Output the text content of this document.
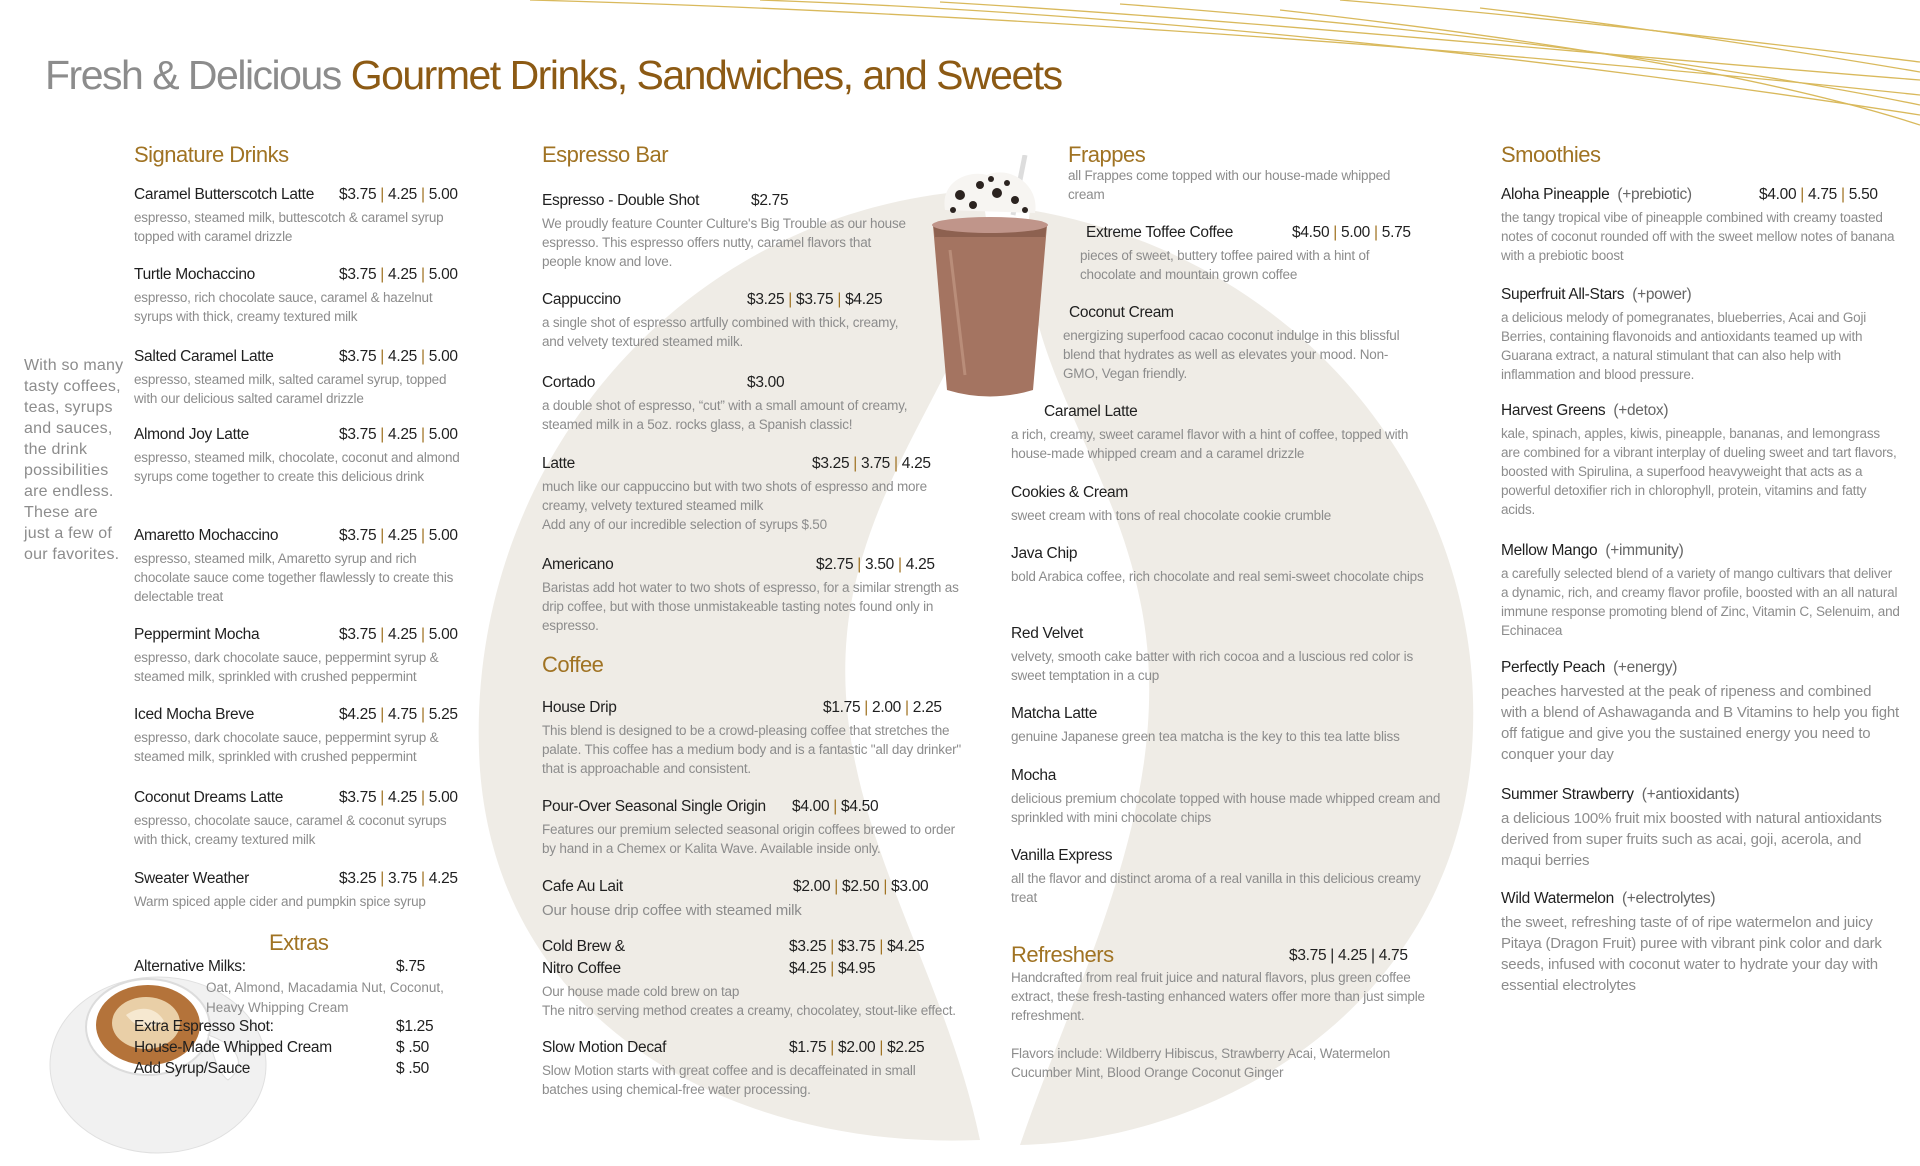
Fresh & Delicious Gourmet Drinks, Sandwiches, and Sweets
With so many tasty coffees, teas, syrups and sauces, the drink possibilities are endless. These are just a few of our favorites.
Signature Drinks
Caramel Butterscotch Latte $3.75 | 4.25 | 5.00
espresso, steamed milk, buttescotch & caramel syrup topped with caramel drizzle
Turtle Mochaccino	$3.75 | 4.25 | 5.00
espresso, rich chocolate sauce, caramel & hazelnut syrups with thick, creamy textured milk
Salted Caramel Latte	$3.75 | 4.25 | 5.00
espresso, steamed milk, salted caramel syrup, topped with our delicious salted caramel drizzle
Almond Joy Latte	$3.75 | 4.25 | 5.00
espresso, steamed milk, chocolate, coconut and almond syrups come together to create this delicious drink
Amaretto Mochaccino	$3.75 | 4.25 | 5.00
espresso, steamed milk, Amaretto syrup and rich chocolate sauce come together flawlessly to create this delectable treat
Peppermint Mocha	$3.75 | 4.25 | 5.00
espresso, dark chocolate sauce, peppermint syrup & steamed milk, sprinkled with crushed peppermint
Iced Mocha Breve	$4.25 | 4.75 | 5.25
espresso, dark chocolate sauce, peppermint syrup & steamed milk, sprinkled with crushed peppermint
Coconut Dreams Latte	$3.75 | 4.25 | 5.00
espresso, chocolate sauce, caramel & coconut syrups with thick, creamy textured milk
Sweater Weather	$3.25 | 3.75 | 4.25
Warm spiced apple cider and pumpkin spice syrup
Extras
Alternative Milks:	$.75
Oat, Almond, Macadamia Nut, Coconut, Heavy Whipping Cream
Extra Espresso Shot:	$1.25
House-Made Whipped Cream	$ .50
Add Syrup/Sauce	$ .50
Espresso Bar
Espresso - Double Shot	$2.75
We proudly feature Counter Culture's Big Trouble as our house espresso. This espresso offers nutty, caramel flavors that people know and love.
Cappuccino	$3.25 | $3.75 | $4.25
a single shot of espresso artfully combined with thick, creamy, and velvety textured steamed milk.
Cortado	$3.00
a double shot of espresso, “cut” with a small amount of creamy, steamed milk in a 5oz. rocks glass, a Spanish classic!
Latte	$3.25 | 3.75 | 4.25
much like our cappuccino but with two shots of espresso and more creamy, velvety textured steamed milk
Add any of our incredible selection of syrups $.50
Americano	$2.75 | 3.50 | 4.25
Baristas add hot water to two shots of espresso, for a similar strength as drip coffee, but with those unmistakeable tasting notes found only in espresso.
Coffee
House Drip	$1.75 | 2.00 | 2.25
This blend is designed to be a crowd-pleasing coffee that stretches the palate. This coffee has a medium body and is a fantastic "all day drinker" that is approachable and consistent.
Pour-Over Seasonal Single Origin $4.00 | $4.50
Features our premium selected seasonal origin coffees brewed to order by hand in a Chemex or Kalita Wave. Available inside only.
Cafe Au Lait	$2.00 | $2.50 | $3.00
Our house drip coffee with steamed milk
Cold Brew &	$3.25 | $3.75 | $4.25
Nitro Coffee	$4.25 | $4.95
Our house made cold brew on tap
The nitro serving method creates a creamy, chocolatey, stout-like effect.
Slow Motion Decaf	$1.75 | $2.00 | $2.25
Slow Motion starts with great coffee and is decaffeinated in small batches using chemical-free water processing.
Frappes
all Frappes come topped with our house-made whipped cream
Extreme Toffee Coffee	$4.50 | 5.00 | 5.75
pieces of sweet, buttery toffee paired with a hint of chocolate and mountain grown coffee
Coconut Cream
energizing superfood cacao coconut indulge in this blissful blend that hydrates as well as elevates your mood. Non-GMO, Vegan friendly.
Caramel Latte
a rich, creamy, sweet caramel flavor with a hint of coffee, topped with house-made whipped cream and a caramel drizzle
Cookies & Cream
sweet cream with tons of real chocolate cookie crumble
Java Chip
bold Arabica coffee, rich chocolate and real semi-sweet chocolate chips
Red Velvet
velvety, smooth cake batter with rich cocoa and a luscious red color is sweet temptation in a cup
Matcha Latte
genuine Japanese green tea matcha is the key to this tea latte bliss
Mocha
delicious premium chocolate topped with house made whipped cream and sprinkled with mini chocolate chips
Vanilla Express
all the flavor and distinct aroma of a real vanilla in this delicious creamy treat
Refreshers	$3.75 | 4.25 | 4.75
Handcrafted from real fruit juice and natural flavors, plus green coffee extract, these fresh-tasting enhanced waters offer more than just simple refreshment.
Flavors include: Wildberry Hibiscus, Strawberry Acai, Watermelon Cucumber Mint, Blood Orange Coconut Ginger
Smoothies
Aloha Pineapple (+prebiotic)	$4.00 | 4.75 | 5.50
the tangy tropical vibe of pineapple combined with creamy toasted notes of coconut rounded off with the sweet mellow notes of banana with a prebiotic boost
Superfruit All-Stars (+power)
a delicious melody of pomegranates, blueberries, Acai and Goji Berries, containing flavonoids and antioxidants teamed up with Guarana extract, a natural stimulant that can also help with inflammation and blood pressure.
Harvest Greens (+detox)
kale, spinach, apples, kiwis, pineapple, bananas, and lemongrass are combined for a vibrant interplay of dueling sweet and tart flavors, boosted with Spirulina, a superfood heavyweight that acts as a powerful detoxifier rich in chlorophyll, protein, vitamins and fatty acids.
Mellow Mango (+immunity)
a carefully selected blend of a variety of mango cultivars that deliver a dynamic, rich, and creamy flavor profile, boosted with an all natural immune response promoting blend of Zinc, Vitamin C, Selenuim, and Echinacea
Perfectly Peach (+energy)
peaches harvested at the peak of ripeness and combined with a blend of Ashawaganda and B Vitamins to help you fight off fatigue and give you the sustained energy you need to conquer your day
Summer Strawberry (+antioxidants)
a delicious 100% fruit mix boosted with natural antioxidants derived from super fruits such as acai, goji, acerola, and maqui berries
Wild Watermelon (+electrolytes)
the sweet, refreshing taste of of ripe watermelon and juicy Pitaya (Dragon Fruit) puree with vibrant pink color and dark seeds, infused with coconut water to hydrate your day with essential electrolytes
